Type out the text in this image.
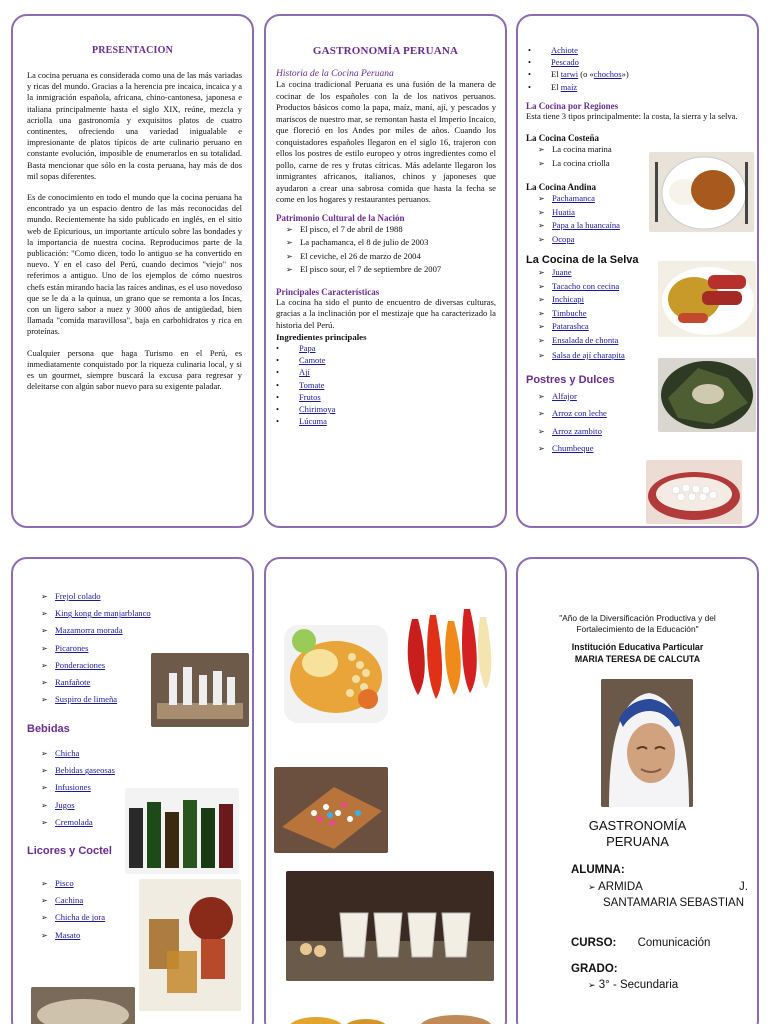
PRESENTACION

La cocina peruana es considerada como una de las más variadas y ricas del mundo. Gracias a la herencia pre incaica, incaica y a la inmigración española, africana, chino-cantonesa, japonesa e italiana principalmente hasta el siglo XIX, reúne, mezcla y acriolla una gastronomía y exquisitos platos de cuatro continentes, ofreciendo una variedad inigualable e impresionante de platos típicos de arte culinario peruano en constante evolución, imposible de enumerarlos en su totalidad. Basta mencionar que sólo en la costa peruana, hay más de dos mil sopas diferentes.

Es de conocimiento en todo el mundo que la cocina peruana ha encontrado ya un espacio dentro de las más reconocidas del mundo. Recientemente ha sido publicado en inglés, en el sitio web de Epicurious, un importante artículo sobre las bondades y la importancia de nuestra cocina. Reproducimos parte de la publicación: "Como dicen, todo lo antiguo se ha convertido en nuevo. Y en el caso del Perú, cuando decimos "viejo" nos referimos a antiguo. Uno de los ejemplos de cómo nuestros chefs están mirando hacia las raíces andinas, es el uso novedoso que se le da a la quinua, un grano que se remonta a los Incas, con un ligero sabor a nuez y 3000 años de antigüedad, bien llamada "comida maravillosa", baja en carbohidratos y rica en proteínas.

Cualquier persona que haga Turismo en el Perú, es inmediatamente conquistado por la riqueza culinaria local, y si es un gourmet, siempre buscará la excusa para regresar y deleitarse con algún sabor nuevo para su exigente paladar.

GASTRONOMÍA PERUANA
Historia de la Cocina Peruana

La cocina tradicional Peruana es una fusión de la manera de cocinar de los españoles con la de los nativos peruanos. Productos básicos como la papa, maíz, maní, ají, y pescados y mariscos de nuestro mar, se remontan hasta el Imperio Incaico, que floreció en los Andes por miles de años. Cuando los conquistadores españoles llegaron en el siglo 16, trajeron con ellos los postres de estilo europeo y otros ingredientes como el pollo, carne de res y frutas cítricas. Más adelante llegaron los inmigrantes africanos, italianos, chinos y japoneses que ayudaron a crear una sabrosa comida que hasta la fecha se come en los hogares y restaurantes peruanos.

Patrimonio Cultural de la Nación
➢ El pisco, el 7 de abril de 1988
➢ La pachamanca, el 8 de julio de 2003
➢ El ceviche, el 26 de marzo de 2004
➢ El pisco sour, el 7 de septiembre de 2007
Principales Características

La cocina ha sido el punto de encuentro de diversas culturas, gracias a la inclinación por el mestizaje que ha caracterizado la historia del Perú.

Ingredientes principales
• Papa
• Camote
• Ají
• Tomate
• Frutos
• Chirimoya
• Lúcuma
• Achiote
• Pescado
• El tarwi (o «chochos»)
• El maíz
La Cocina por Regiones

Esta tiene 3 tipos principalmente: la costa, la sierra y la selva.

La Cocina Costeña
➢ La cocina marina
➢ La cocina criolla
La Cocina Andina
➢ Pachamanca
➢ Huatia
➢ Papa a la huancaína
➢ Ocopa
La Cocina de la Selva
➢ Juane
➢ Tacacho con cecina
➢ Inchicapi
➢ Timbuche
➢ Patarashca
➢ Ensalada de chonta
➢ Salsa de ají charapita
Postres y Dulces
➢ Alfajor
➢ Arroz con leche
➢ Arroz zambito
➢ Chumbeque
➢ Frejol colado
➢ King kong de manjarblanco
➢ Mazamorra morada
➢ Picarones
➢ Ponderaciones
➢ Ranfañote
➢ Suspiro de limeña
Bebidas
➢ Chicha
➢ Bebidas gaseosas
➢ Infusiones
➢ Jugos
➢ Cremolada
Licores y Coctel
➢ Pisco
➢ Cachina
➢ Chicha de jora
➢ Masato
"Año de la Diversificación Productiva y del Fortalecimiento de la Educación"
Institución Educativa Particular
MARIA TERESA DE CALCUTA
GASTRONOMÍA
PERUANA
ALUMNA:
➢ ARMIDA	J.
SANTAMARIA SEBASTIAN
CURSO: Comunicación
GRADO:
➢ 3° - Secundaria
